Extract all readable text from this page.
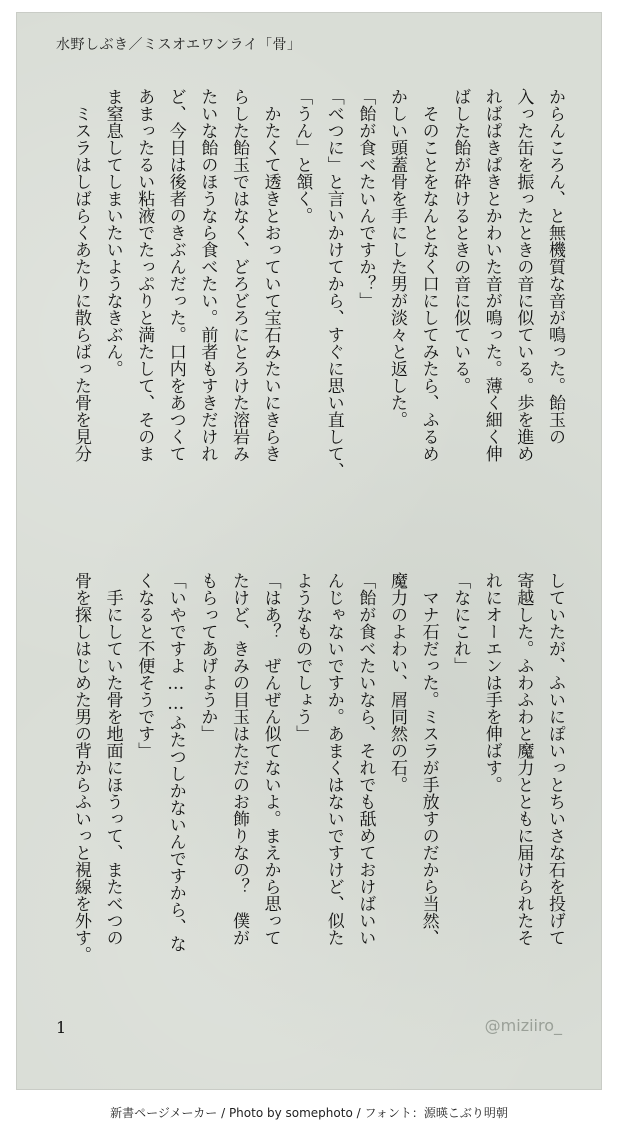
水野しぶき／ミスオエワンライ「骨」
からんころん、と無機質な音が鳴った。飴玉の
入った缶を振ったときの音に似ている。歩を進め
ればぱきぱきとかわいた音が鳴った。薄く細く伸
ばした飴が砕けるときの音に似ている。
　そのことをなんとなく口にしてみたら、ふるめ
かしい頭蓋骨を手にした男が淡々と返した。
「飴が食べたいんですか？」
「べつに」と言いかけてから、すぐに思い直して、
「うん」と頷く。
　かたくて透きとおっていて宝石みたいにきらき
らした飴玉ではなく、どろどろにとろけた溶岩み
たいな飴のほうなら食べたい。前者もすきだけれ
ど、今日は後者のきぶんだった。口内をあつくて
あまったるい粘液でたっぷりと満たして、そのま
ま窒息してしまいたいようなきぶん。
　ミスラはしばらくあたりに散らばった骨を見分
していたが、ふいにぽいっとちいさな石を投げて
寄越した。ふわふわと魔力とともに届けられたそ
れにオーエンは手を伸ばす。
「なにこれ」
　マナ石だった。ミスラが手放すのだから当然、
魔力のよわい、屑同然の石。
「飴が食べたいなら、それでも舐めておけばいい
んじゃないですか。あまくはないですけど、似た
ようなものでしょう」
「はあ？　ぜんぜん似てないよ。まえから思って
たけど、きみの目玉はただのお飾りなの？　僕が
もらってあげようか」
「いやですよ……ふたつしかないんですから、な
くなると不便そうです」
　手にしていた骨を地面にほうって、またべつの
骨を探しはじめた男の背からふいっと視線を外す。
1	@miziiro_
新書ページメーカー / Photo by somephoto / フォント：源暎こぶり明朝
